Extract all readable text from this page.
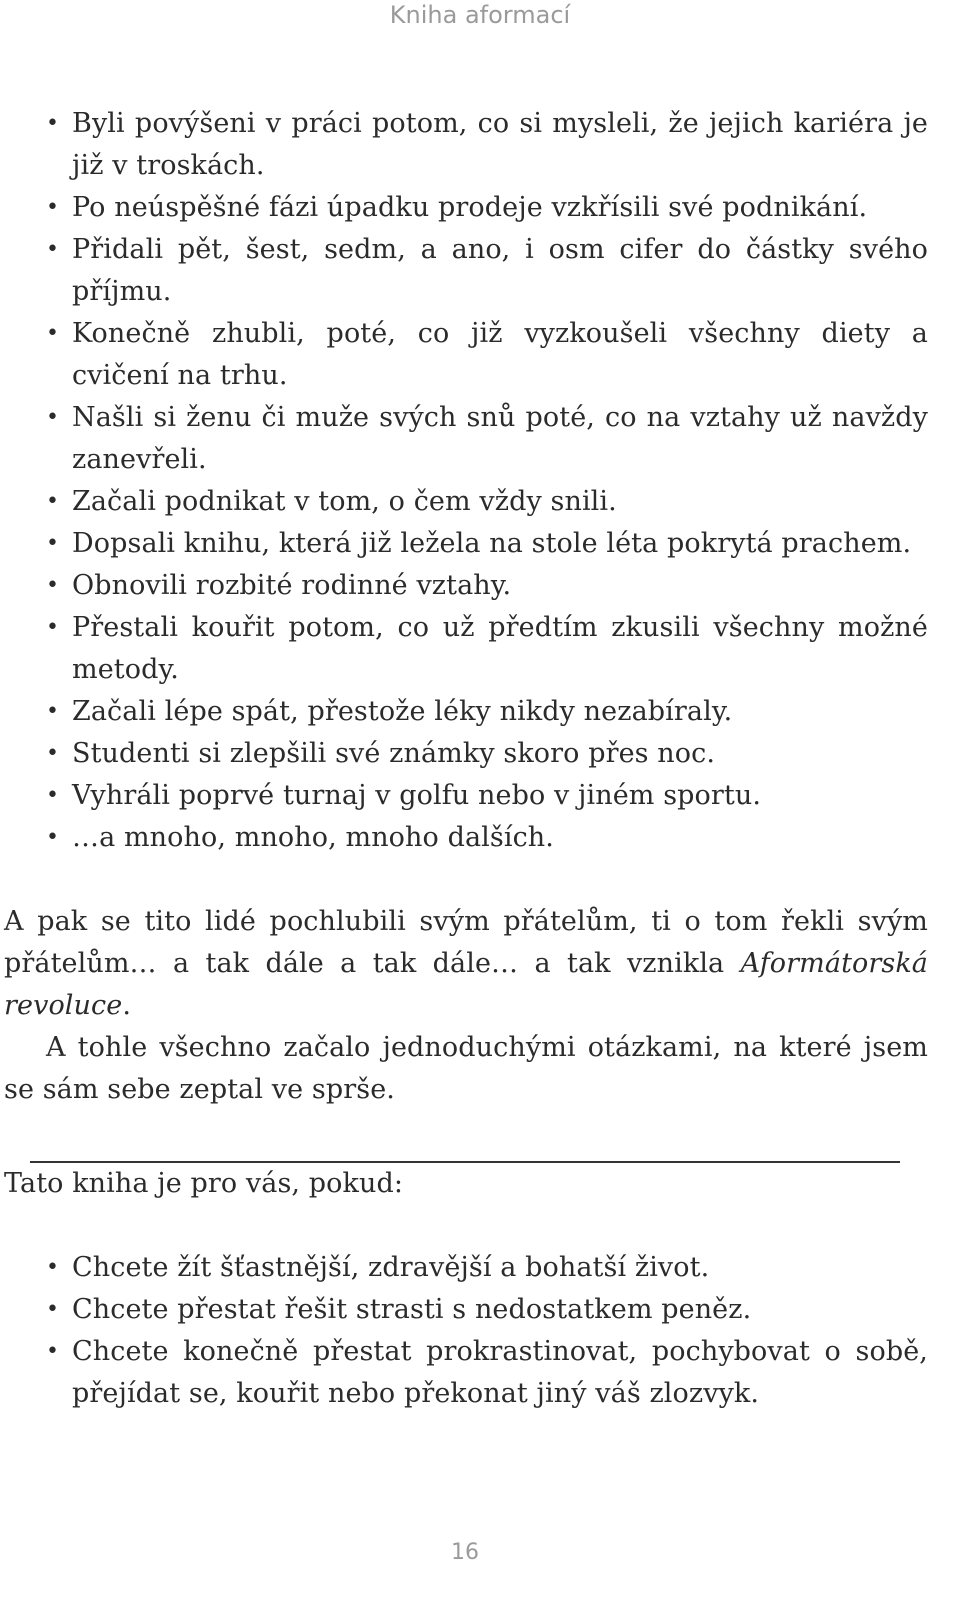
Kniha aformací
• Byli povýšeni v práci potom, co si mysleli, že jejich kariéra je již v troskách.
• Po neúspěšné fázi úpadku prodeje vzkřísili své podnikání.
• Přidali pět, šest, sedm, a ano, i osm cifer do částky svého příjmu.
• Konečně zhubli, poté, co již vyzkoušeli všechny diety a cvičení na trhu.
• Našli si ženu či muže svých snů poté, co na vztahy už navždy zanevřeli.
• Začali podnikat v tom, o čem vždy snili.
• Dopsali knihu, která již ležela na stole léta pokrytá prachem.
• Obnovili rozbité rodinné vztahy.
• Přestali kouřit potom, co už předtím zkusili všechny možné metody.
• Začali lépe spát, přestože léky nikdy nezabíraly.
• Studenti si zlepšili své známky skoro přes noc.
• Vyhráli poprvé turnaj v golfu nebo v jiném sportu.
• …a mnoho, mnoho, mnoho dalších.

A pak se tito lidé pochlubili svým přátelům, ti o tom řekli svým přátelům… a tak dále a tak dále… a tak vznikla Aformátorská revoluce.

A tohle všechno začalo jednoduchými otázkami, na které jsem se sám sebe zeptal ve sprše.

Tato kniha je pro vás, pokud:

• Chcete žít šťastnější, zdravější a bohatší život.
• Chcete přestat řešit strasti s nedostatkem peněz.
• Chcete konečně přestat prokrastinovat, pochybovat o sobě, přejídat se, kouřit nebo překonat jiný váš zlozvyk.
16
